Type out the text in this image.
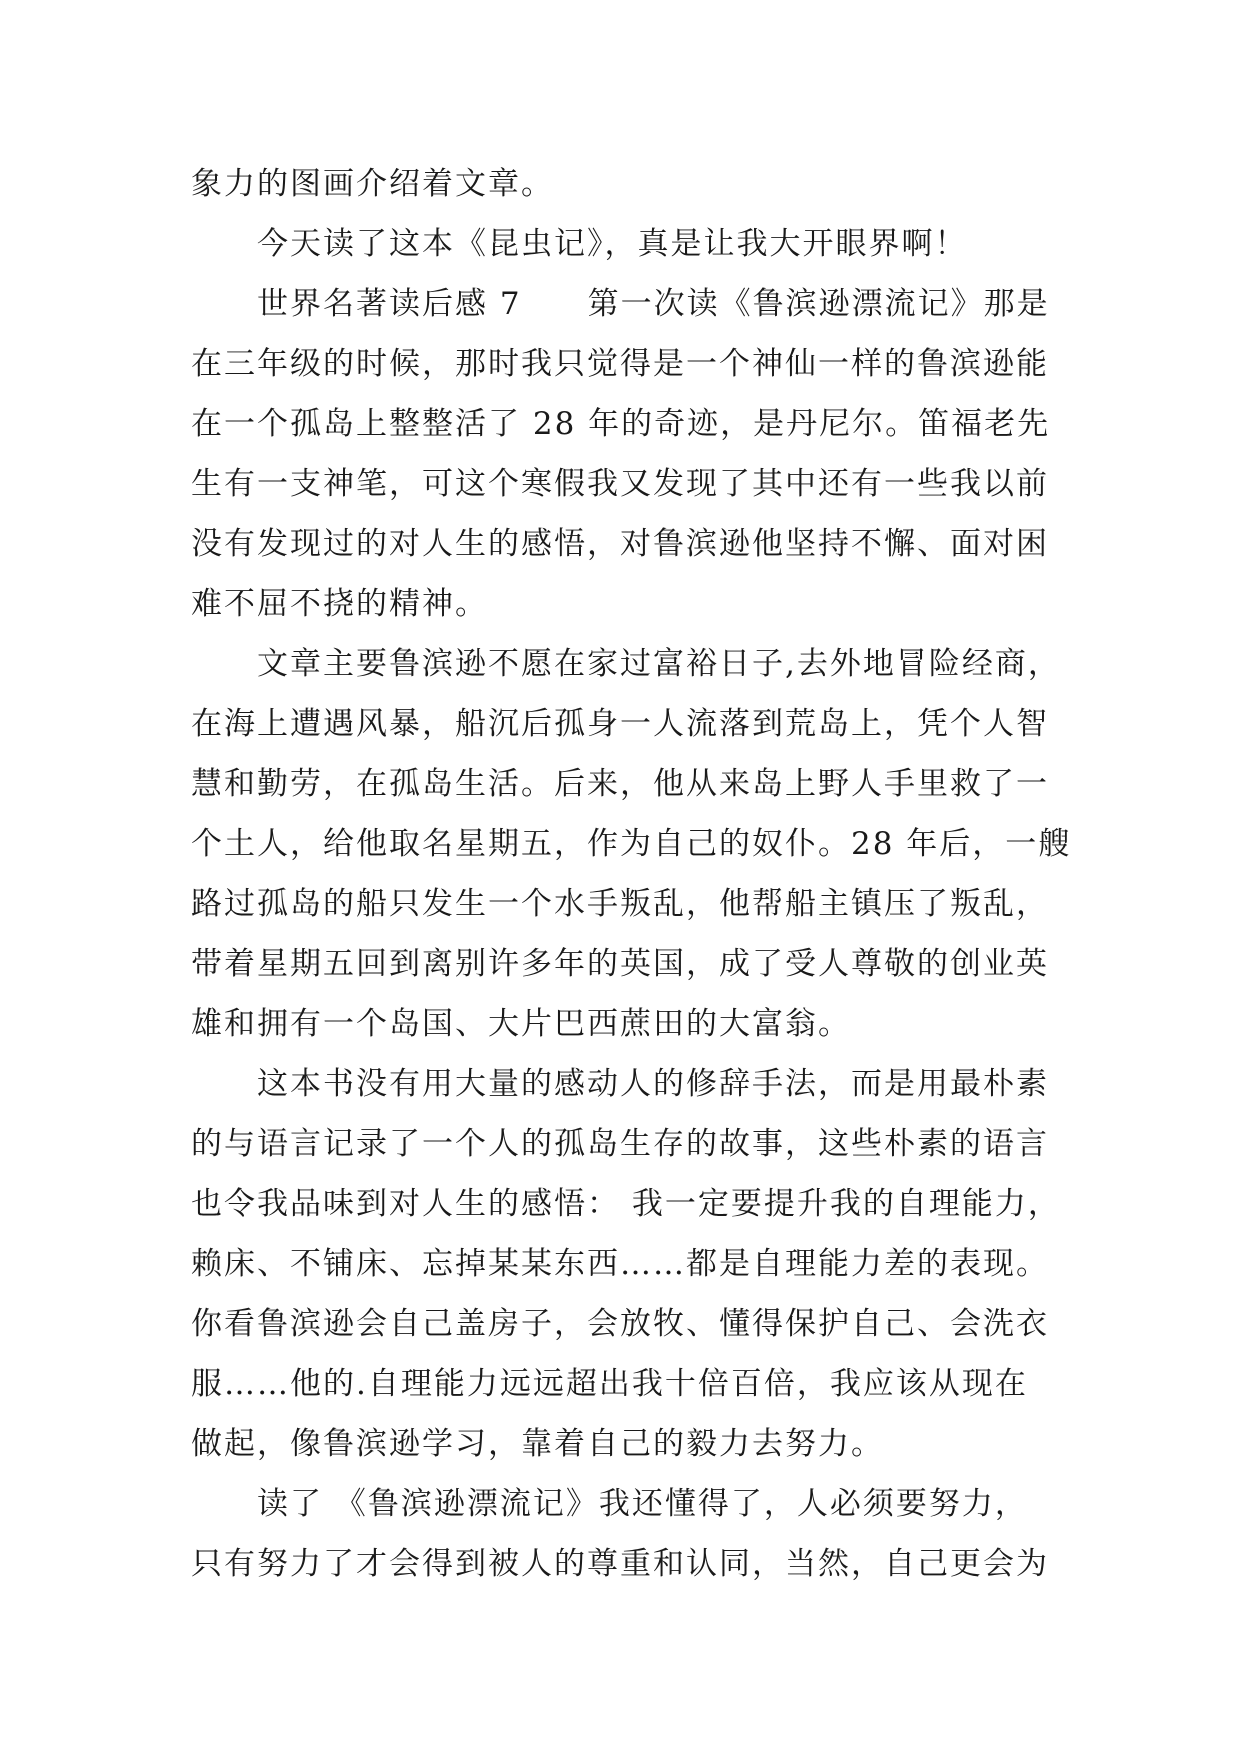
象力的图画介绍着文章。
　　今天读了这本《昆虫记》，真是让我大开眼界啊！
　　世界名著读后感 7　　第一次读《鲁滨逊漂流记》那是
在三年级的时候，那时我只觉得是一个神仙一样的鲁滨逊能
在一个孤岛上整整活了 28 年的奇迹，是丹尼尔。笛福老先
生有一支神笔，可这个寒假我又发现了其中还有一些我以前
没有发现过的对人生的感悟，对鲁滨逊他坚持不懈、面对困
难不屈不挠的精神。
　　文章主要鲁滨逊不愿在家过富裕日子,去外地冒险经商，
在海上遭遇风暴，船沉后孤身一人流落到荒岛上，凭个人智
慧和勤劳，在孤岛生活。后来，他从来岛上野人手里救了一
个土人，给他取名星期五，作为自己的奴仆。28 年后，一艘
路过孤岛的船只发生一个水手叛乱，他帮船主镇压了叛乱，
带着星期五回到离别许多年的英国，成了受人尊敬的创业英
雄和拥有一个岛国、大片巴西蔗田的大富翁。
　　这本书没有用大量的感动人的修辞手法，而是用最朴素
的与语言记录了一个人的孤岛生存的故事，这些朴素的语言
也令我品味到对人生的感悟： 我一定要提升我的自理能力，
赖床、不铺床、忘掉某某东西……都是自理能力差的表现。
你看鲁滨逊会自己盖房子，会放牧、懂得保护自己、会洗衣
服……他的.自理能力远远超出我十倍百倍，我应该从现在
做起，像鲁滨逊学习，靠着自己的毅力去努力。
　　读了 《鲁滨逊漂流记》我还懂得了，人必须要努力，
只有努力了才会得到被人的尊重和认同，当然，自己更会为
